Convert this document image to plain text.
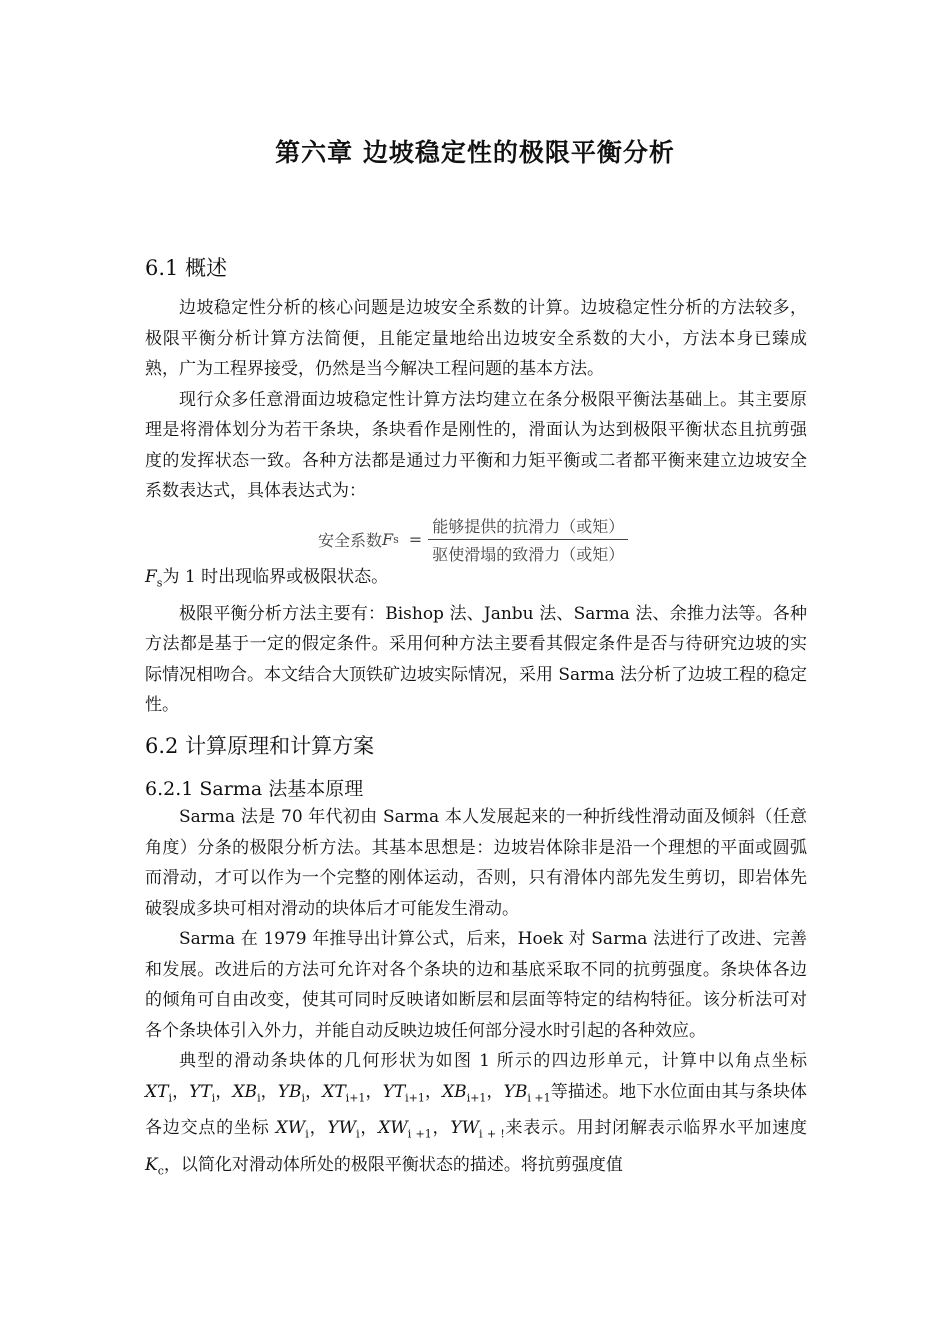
第六章 边坡稳定性的极限平衡分析
6.1 概述

边坡稳定性分析的核心问题是边坡安全系数的计算。边坡稳定性分析的方法较多，极限平衡分析计算方法简便，且能定量地给出边坡安全系数的大小，方法本身已臻成熟，广为工程界接受，仍然是当今解决工程问题的基本方法。

现行众多任意滑面边坡稳定性计算方法均建立在条分极限平衡法基础上。其主要原理是将滑体划分为若干条块，条块看作是刚性的，滑面认为达到极限平衡状态且抗剪强度的发挥状态一致。各种方法都是通过力平衡和力矩平衡或二者都平衡来建立边坡安全系数表达式，具体表达式为：

安全系数 F $s = \frac{\text{能够提供的抗滑力（或矩）}}{\text{驱使滑塌的致滑力（或矩）}}$

$F_s$为 1 时出现临界或极限状态。

极限平衡分析方法主要有：Bishop 法、Janbu 法、Sarma 法、余推力法等。各种方法都是基于一定的假定条件。采用何种方法主要看其假定条件是否与待研究边坡的实际情况相吻合。本文结合大顶铁矿边坡实际情况，采用 Sarma 法分析了边坡工程的稳定性。

6.2 计算原理和计算方案
6.2.1 Sarma 法基本原理

Sarma 法是 70 年代初由 Sarma 本人发展起来的一种折线性滑动面及倾斜（任意角度）分条的极限分析方法。其基本思想是：边坡岩体除非是沿一个理想的平面或圆弧而滑动，才可以作为一个完整的刚体运动，否则，只有滑体内部先发生剪切，即岩体先破裂成多块可相对滑动的块体后才可能发生滑动。

Sarma 在 1979 年推导出计算公式，后来，Hoek 对 Sarma 法进行了改进、完善和发展。改进后的方法可允许对各个条块的边和基底采取不同的抗剪强度。条块体各边的倾角可自由改变，使其可同时反映诸如断层和层面等特定的结构特征。该分析法可对各个条块体引入外力，并能自动反映边坡任何部分浸水时引起的各种效应。

典型的滑动条块体的几何形状为如图 1 所示的四边形单元，计算中以角点坐标 $XT_i$，$YT_i$，$XB_i$，$YB_i$，$XT_{i+1}$，$YT_{i+1}$，$XB_{i+1}$，$YB_{i +1}$等描述。地下水位面由其与条块体各边交点的坐标 $XW_i$，$YW_i$，$XW_{i +1}$，$YW_{i + !}$来表示。用封闭解表示临界水平加速度 $K_c$，以简化对滑动体所处的极限平衡状态的描述。将抗剪强度值
